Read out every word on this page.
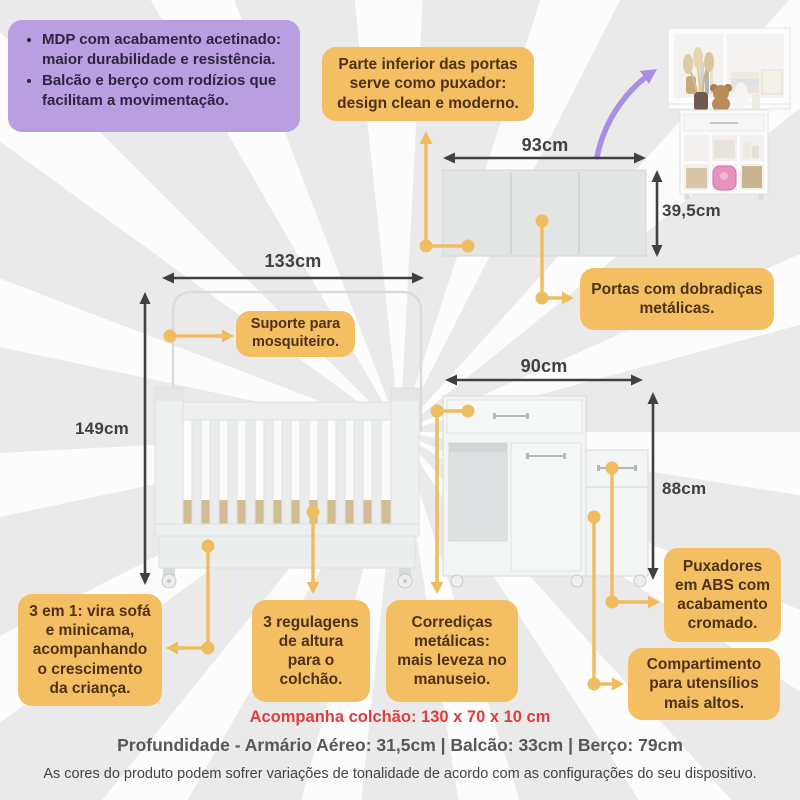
• MDP com acabamento acetinado: maior durabilidade e resistência.
• Balcão e berço com rodízios que facilitam a movimentação.
Parte inferior das portas serve como puxador: design clean e moderno.
Portas com dobradiças metálicas.
Suporte para mosquiteiro.
3 em 1: vira sofá e minicama, acompanhando o crescimento da criança.
3 regulagens de altura para o colchão.
Corrediças metálicas: mais leveza no manuseio.
Puxadores em ABS com acabamento cromado.
Compartimento para utensílios mais altos.
93cm
39,5cm
133cm
149cm
90cm
88cm
Acompanha colchão: 130 x 70 x 10 cm
Profundidade - Armário Aéreo: 31,5cm | Balcão: 33cm | Berço: 79cm
As cores do produto podem sofrer variações de tonalidade de acordo com as configurações do seu dispositivo.
